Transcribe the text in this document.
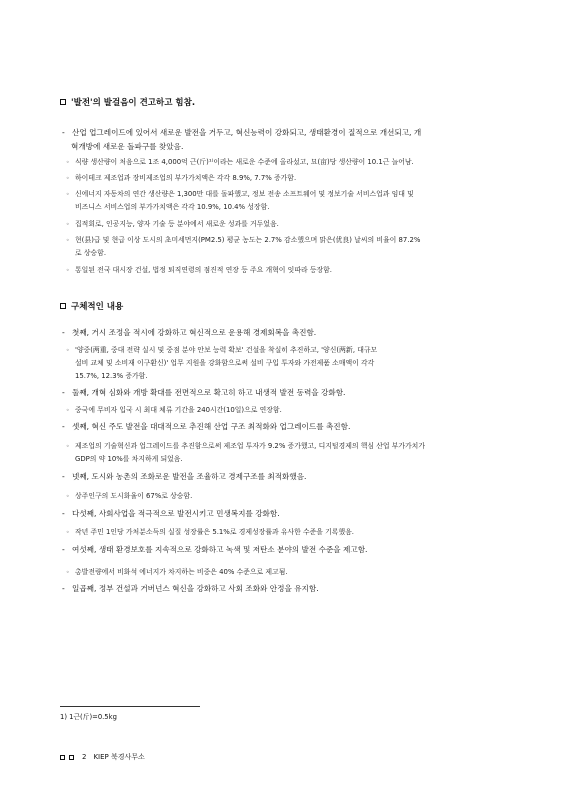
'발전'의 발걸음이 견고하고 힘참.
- 산업 업그레이드에 있어서 새로운 발전을 거두고, 혁신능력이 강화되고, 생태환경이 질적으로 개선되고, 개
혁개방에 새로운 돌파구를 찾았음.
◦ 식량 생산량이 처음으로 1조 4,000억 근(斤)¹⁾이라는 새로운 수준에 올라섰고, 묘(亩)당 생산량이 10.1근 늘어남.
◦ 하이테크 제조업과 장비제조업의 부가가치액은 각각 8.9%, 7.7% 증가함.
◦ 신에너지 자동차의 연간 생산량은 1,300만 대를 돌파했고, 정보 전송 소프트웨어 및 정보기술 서비스업과 임대 및
비즈니스 서비스업의 부가가치액은 각각 10.9%, 10.4% 성장함.
◦ 집적회로, 인공지능, 양자 기술 등 분야에서 새로운 성과를 거두었음.
◦ 현(县)급 및 현급 이상 도시의 초미세먼지(PM2.5) 평균 농도는 2.7% 감소했으며 맑은(优良) 날씨의 비율이 87.2%
로 상승함.
◦ 통일된 전국 대시장 건설, 법정 퇴직연령의 점진적 연장 등 주요 개혁이 잇따라 등장함.
구체적인 내용
- 첫째, 거시 조정을 적시에 강화하고 혁신적으로 운용해 경제회복을 촉진함.
◦ '양중(两重, 중대 전략 실시 및 중점 분야 안보 능력 확보' 건설을 착실히 추진하고, '양신(两新, 대규모
설비 교체 및 소비재 이구환신)' 업무 지원을 강화함으로써 설비 구입 투자와 가전제품 소매액이 각각
15.7%, 12.3% 증가함.
- 둘째, 개혁 심화와 개방 확대를 전면적으로 확고히 하고 내생적 발전 동력을 강화함.
◦ 중국에 무비자 입국 시 최대 체류 기간을 240시간(10일)으로 연장함.
- 셋째, 혁신 주도 발전을 대대적으로 추진해 산업 구조 최적화와 업그레이드를 촉진함.
◦ 제조업의 기술혁신과 업그레이드를 추진함으로써 제조업 투자가 9.2% 증가했고, 디지털경제의 핵심 산업 부가가치가
GDP의 약 10%를 차지하게 되었음.
- 넷째, 도시와 농촌의 조화로운 발전을 조율하고 경제구조를 최적화했음.
◦ 상주인구의 도시화율이 67%로 상승함.
- 다섯째, 사회사업을 적극적으로 발전시키고 민생복지를 강화함.
◦ 작년 주민 1인당 가처분소득의 실질 성장률은 5.1%로 경제성장률과 유사한 수준을 기록했음.
- 여섯째, 생태 환경보호를 지속적으로 강화하고 녹색 및 저탄소 분야의 발전 수준을 제고함.
◦ 총발전량에서 비화석 에너지가 차지하는 비중은 40% 수준으로 제고됨.
- 일곱째, 정부 건설과 거버넌스 혁신을 강화하고 사회 조화와 안정을 유지함.
1) 1근(斤)=0.5kg
2 KIEP 북경사무소
